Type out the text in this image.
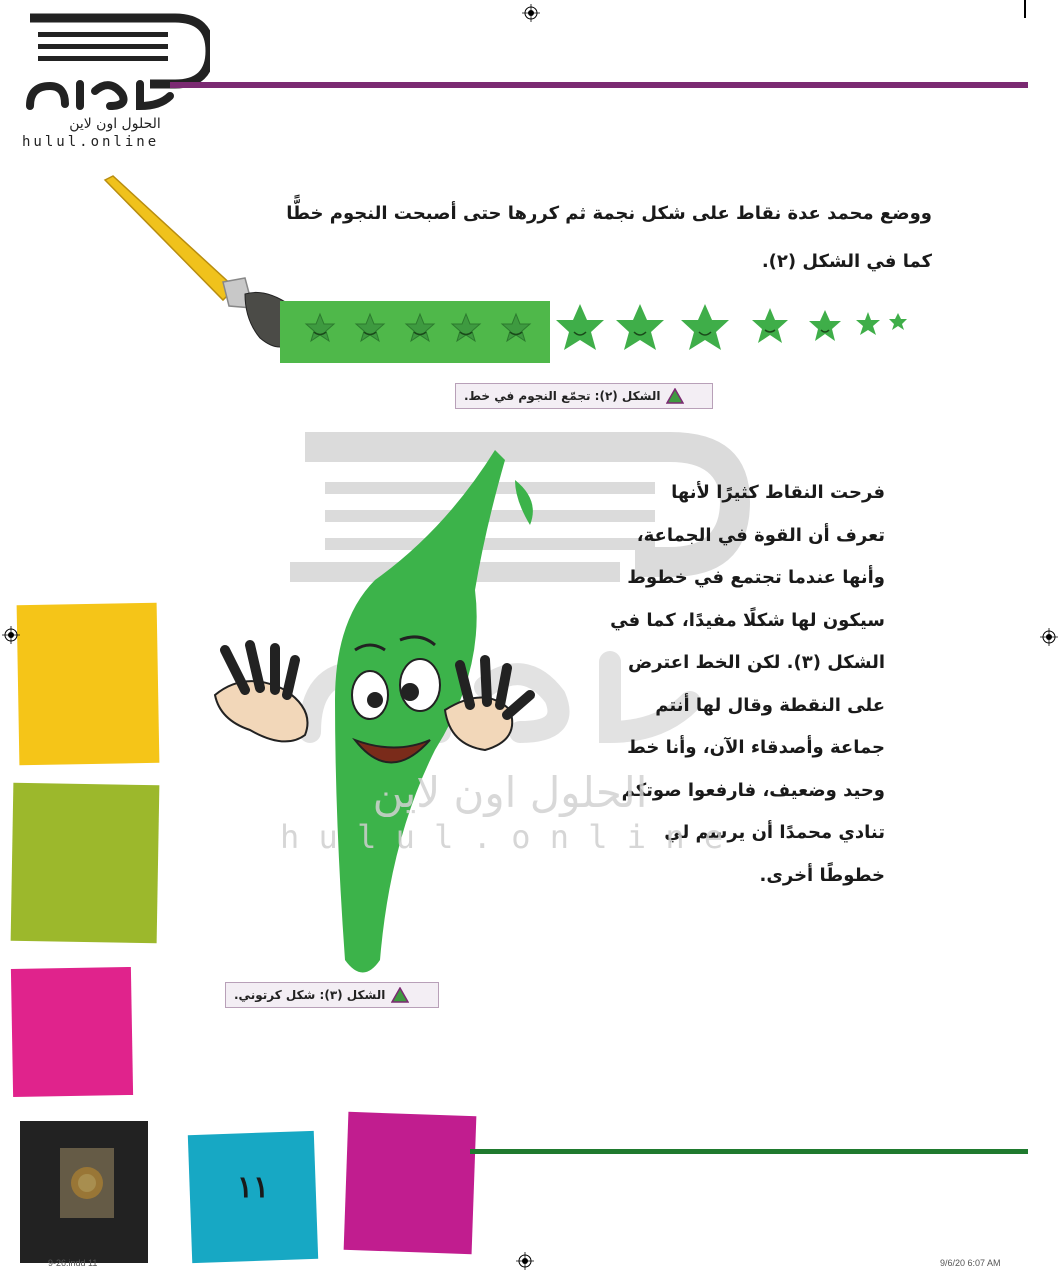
الحلول اون لاين
hulul.online
ووضع محمد عدة نقاط على شكل نجمة ثم كررها حتى أصبحت النجوم خطًّا
كما في الشكل (٢).
الشكل (٢): تجمّع النجوم في خط.
فرحت النقاط كثيرًا لأنها
تعرف أن القوة في الجماعة،
وأنها عندما تجتمع في خطوط
سيكون لها شكلًا مفيدًا، كما في
الشكل (٣). لكن الخط اعترض
على النقطة وقال لها أنتم
جماعة وأصدقاء الآن، وأنا خط
وحيد وضعيف، فارفعوا صوتكم
تنادي محمدًا أن يرسم لي
خطوطًا أخرى.
الحلول اون لاين
h u l u l . o n l i n e
الشكل (٣): شكل كرتوني.
١١
9-26.indd 11	9/6/20 6:07 AM
